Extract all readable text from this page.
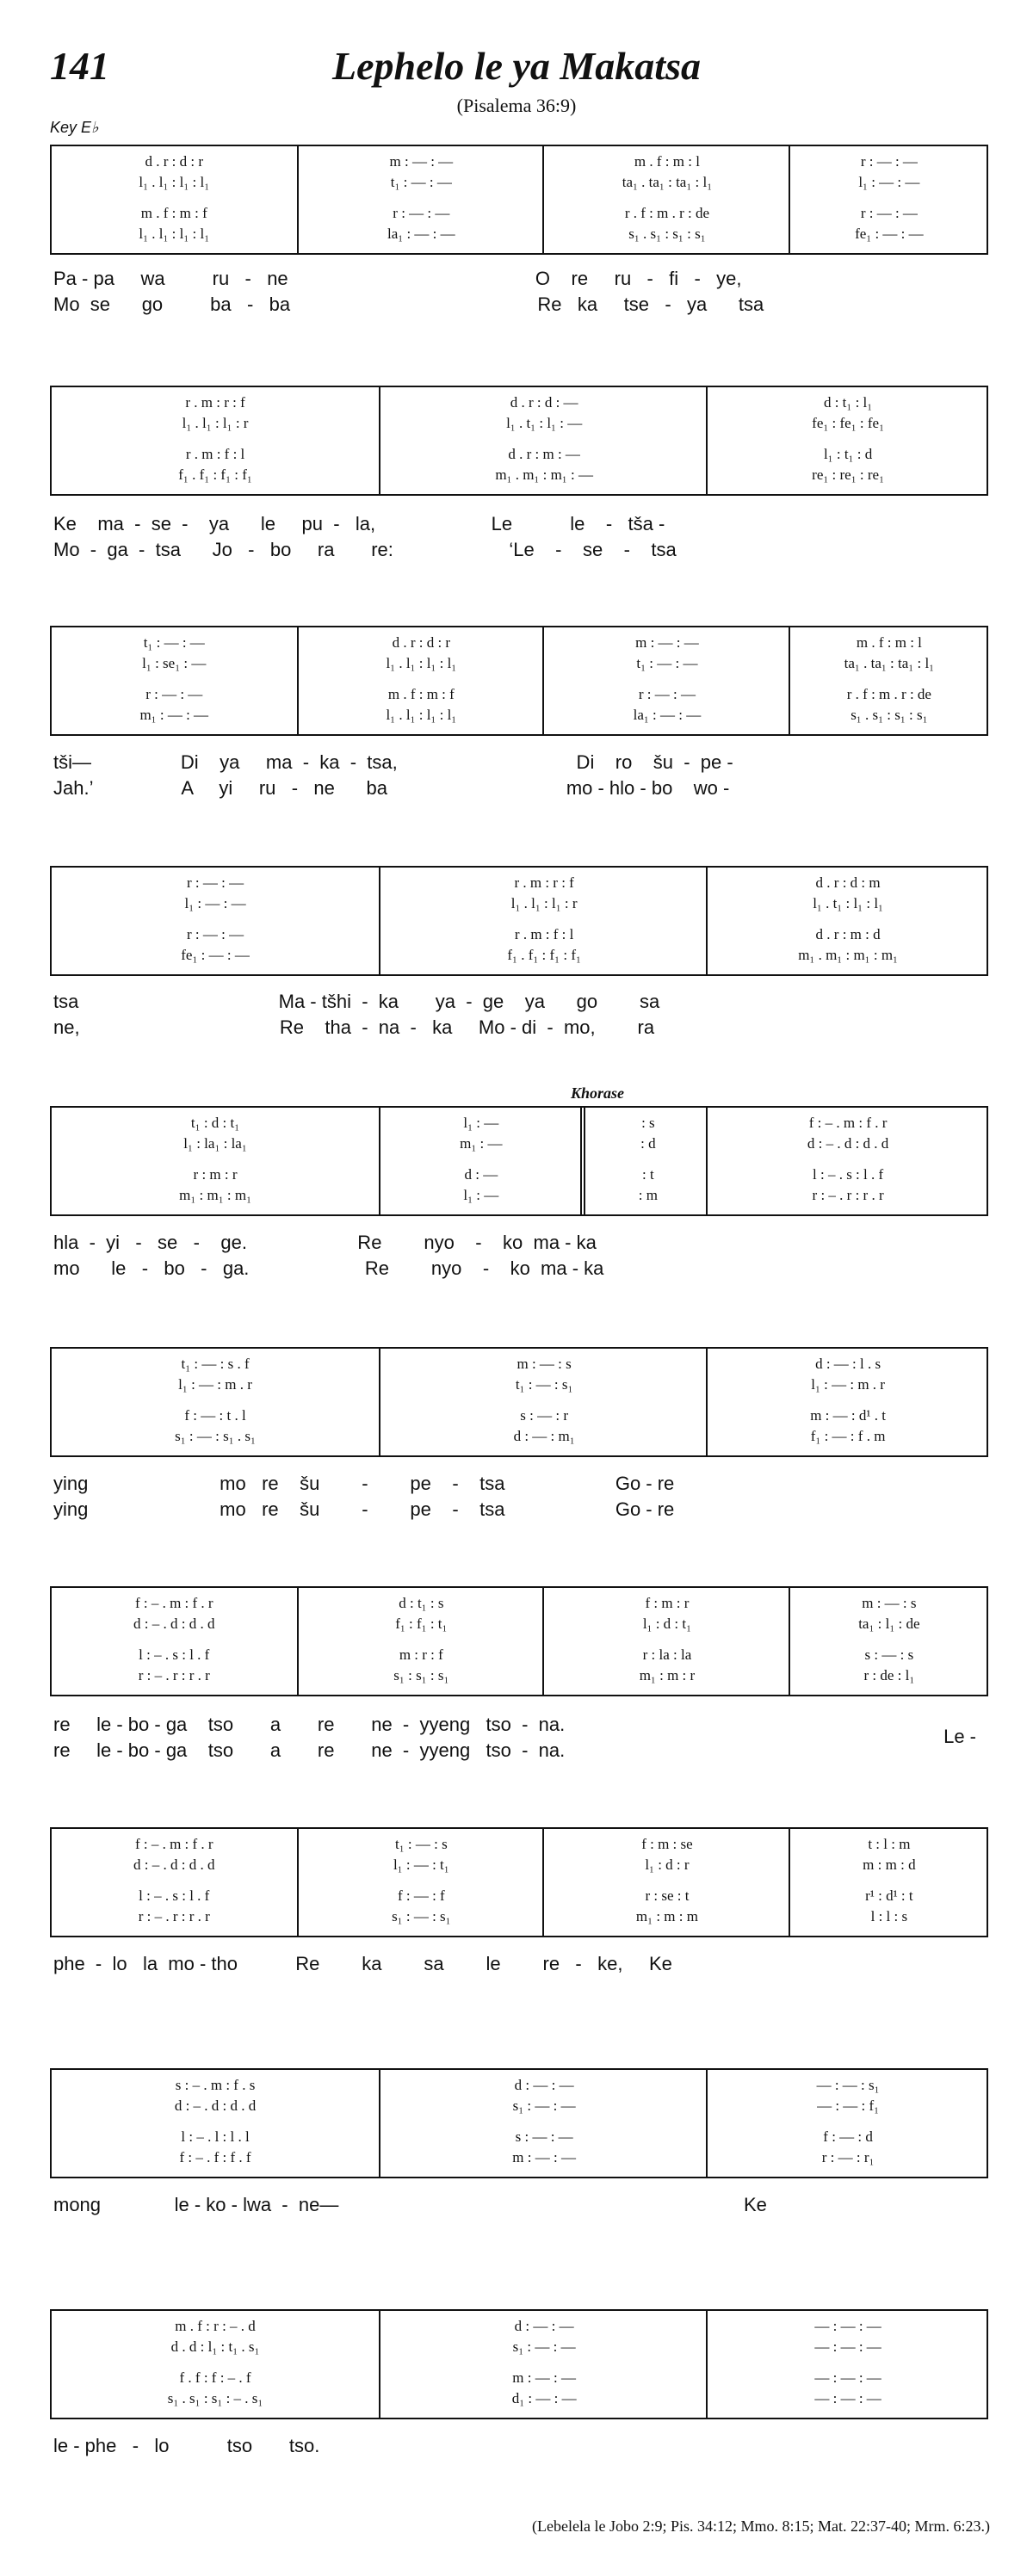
141	Lephelo le ya Makatsa
(Pisalema 36:9)
Key E♭
Khorase
(Lebelela le Jobo 2:9; Pis. 34:12; Mmo. 8:15; Mat. 22:37-40; Mrm. 6:23.)
d . r : d : r
l₁ . l₁ : l₁ : l₁
m . f : m : f
l₁ . l₁ : l₁ : l₁
m : — : —
t₁ : — : —
r : — : —
la₁ : — : —
m . f : m : l
ta₁ . ta₁ : ta₁ : l₁
r . f : m . r : de
s₁ . s₁ : s₁ : s₁
r : — : —
l₁ : — : —
r : — : —
fe₁ : — : —
Pa - pa     wa         ru   -   ne                                               O    re     ru   -   fi   -   ye,
Mo  se      go         ba   -   ba                                               Re   ka     tse   -   ya      tsa
r . m : r : f
l₁ . l₁ : l₁ : r
r . m : f : l
f₁ . f₁ : f₁ : f₁
d . r : d : —
l₁ . t₁ : l₁ : —
d . r : m : —
m₁ . m₁ : m₁ : —
d : t₁ : l₁
fe₁ : fe₁ : fe₁
l₁ : t₁ : d
re₁ : re₁ : re₁
Ke    ma  -  se  -    ya      le     pu  -   la,                      Le           le    -   tša -
Mo  -  ga  -  tsa      Jo   -   bo     ra       re:                      ‘Le    -    se    -    tsa
t₁ : — : —
l₁ : se₁ : —
r : — : —
m₁ : — : —
d . r : d : r
l₁ . l₁ : l₁ : l₁
m . f : m : f
l₁ . l₁ : l₁ : l₁
m : — : —
t₁ : — : —
r : — : —
la₁ : — : —
m . f : m : l
ta₁ . ta₁ : ta₁ : l₁
r . f : m . r : de
s₁ . s₁ : s₁ : s₁
tši—                 Di    ya     ma  -  ka  -  tsa,                                  Di    ro    šu  -  pe -
Jah.’                 A     yi     ru   -   ne      ba                                  mo - hlo - bo    wo -
r : — : —
l₁ : — : —
r : — : —
fe₁ : — : —
r . m : r : f
l₁ . l₁ : l₁ : r
r . m : f : l
f₁ . f₁ : f₁ : f₁
d . r : d : m
l₁ . t₁ : l₁ : l₁
d . r : m : d
m₁ . m₁ : m₁ : m₁
tsa                                      Ma - tšhi  -  ka       ya  -  ge    ya      go        sa
ne,                                      Re    tha  -  na  -   ka     Mo - di  -  mo,        ra
t₁ : d : t₁
l₁ : la₁ : la₁
r : m : r
m₁ : m₁ : m₁
l₁ : —
m₁ : —
d : —
l₁ : —
: s
: d
: t
: m
f : – . m : f . r
d : – . d : d . d
l : – . s : l . f
r : – . r : r . r
hla  -  yi   -   se   -    ge.                     Re        nyo    -    ko  ma - ka
mo      le   -   bo   -   ga.                      Re        nyo    -    ko  ma - ka
t₁ : — : s . f
l₁ : — : m . r
f : — : t . l
s₁ : — : s₁ . s₁
m : — : s
t₁ : — : s₁
s : — : r
d : — : m₁
d : — : l . s
l₁ : — : m . r
m : — : d¹ . t
f₁ : — : f . m
ying                         mo   re    šu        -        pe    -    tsa                     Go - re
ying                         mo   re    šu        -        pe    -    tsa                     Go - re
f : – . m : f . r
d : – . d : d . d
l : – . s : l . f
r : – . r : r . r
d : t₁ : s
f₁ : f₁ : t₁
m : r : f
s₁ : s₁ : s₁
f : m : r
l₁ : d : t₁
r : la : la
m₁ : m : r
m : — : s
ta₁ : l₁ : de
s : — : s
r : de : l₁
re     le - bo - ga    tso       a       re       ne  -  yyeng   tso  -  na.
re     le - bo - ga    tso       a       re       ne  -  yyeng   tso  -  na.
Le -
f : – . m : f . r
d : – . d : d . d
l : – . s : l . f
r : – . r : r . r
t₁ : — : s
l₁ : — : t₁
f : — : f
s₁ : — : s₁
f : m : se
l₁ : d : r
r : se : t
m₁ : m : m
t : l : m
m : m : d
r¹ : d¹ : t
l : l : s
phe  -  lo   la  mo - tho           Re        ka        sa        le        re   -   ke,     Ke
s : – . m : f . s
d : – . d : d . d
l : – . l : l . l
f : – . f : f . f
d : — : —
s₁ : — : —
s : — : —
m : — : —
— : — : s₁
— : — : f₁
f : — : d
r : — : r₁
mong              le - ko - lwa  -  ne—                                                                             Ke
m . f : r : – . d
d . d : l₁ : t₁ . s₁
f . f : f : – . f
s₁ . s₁ : s₁ : – . s₁
d : — : —
s₁ : — : —
m : — : —
d₁ : — : —
— : — : —
— : — : —
— : — : —
— : — : —
le - phe   -   lo           tso       tso.
